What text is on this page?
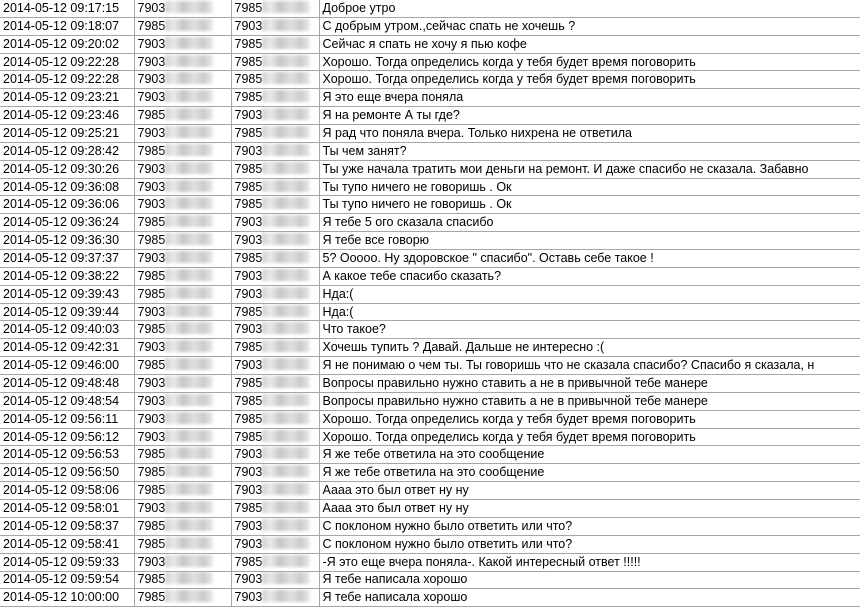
2014-05-12 09:17:15	7903	7985	Доброе утро
2014-05-12 09:18:07	7985	7903	С добрым утром.,сейчас спать не хочешь ?
2014-05-12 09:20:02	7903	7985	Сейчас я спать не хочу я пью кофе
2014-05-12 09:22:28	7903	7985	Хорошо. Тогда определись когда у тебя будет время поговорить
2014-05-12 09:22:28	7903	7985	Хорошо. Тогда определись когда у тебя будет время поговорить
2014-05-12 09:23:21	7903	7985	Я это еще вчера поняла
2014-05-12 09:23:46	7985	7903	Я на ремонте А ты где?
2014-05-12 09:25:21	7903	7985	Я рад что поняла вчера. Только нихрена не ответила
2014-05-12 09:28:42	7985	7903	Ты чем занят?
2014-05-12 09:30:26	7903	7985	Ты уже начала тратить мои деньги на ремонт. И даже спасибо не сказала. Забавно
2014-05-12 09:36:08	7903	7985	Ты тупо ничего не говоришь . Ок
2014-05-12 09:36:06	7903	7985	Ты тупо ничего не говоришь . Ок
2014-05-12 09:36:24	7985	7903	Я тебе 5 ого сказала спасибо
2014-05-12 09:36:30	7985	7903	Я тебе все говорю
2014-05-12 09:37:37	7903	7985	5? Ооооо. Ну здоровское " спасибо". Оставь себе такое !
2014-05-12 09:38:22	7985	7903	А какое тебе спасибо сказать?
2014-05-12 09:39:43	7985	7903	Нда:(
2014-05-12 09:39:44	7903	7985	Нда:(
2014-05-12 09:40:03	7985	7903	Что такое?
2014-05-12 09:42:31	7903	7985	Хочешь тупить ? Давай. Дальше не интересно :(
2014-05-12 09:46:00	7985	7903	Я не понимаю о чем ты. Ты говоришь что не сказала спасибо? Спасибо я сказала, н
2014-05-12 09:48:48	7903	7985	Вопросы правильно нужно ставить а не в привычной тебе манере
2014-05-12 09:48:54	7903	7985	Вопросы правильно нужно ставить а не в привычной тебе манере
2014-05-12 09:56:11	7903	7985	Хорошо. Тогда определись когда у тебя будет время поговорить
2014-05-12 09:56:12	7903	7985	Хорошо. Тогда определись когда у тебя будет время поговорить
2014-05-12 09:56:53	7985	7903	Я же тебе ответила на это сообщение
2014-05-12 09:56:50	7985	7903	Я же тебе ответила на это сообщение
2014-05-12 09:58:06	7985	7903	Аааа это был ответ ну ну
2014-05-12 09:58:01	7903	7985	Аааа это был ответ ну ну
2014-05-12 09:58:37	7985	7903	С поклоном нужно было ответить или что?
2014-05-12 09:58:41	7985	7903	С поклоном нужно было ответить или что?
2014-05-12 09:59:33	7903	7985	-Я это еще вчера поняла-. Какой интересный ответ !!!!!
2014-05-12 09:59:54	7985	7903	Я тебе написала хорошо
2014-05-12 10:00:00	7985	7903	Я тебе написала хорошо
